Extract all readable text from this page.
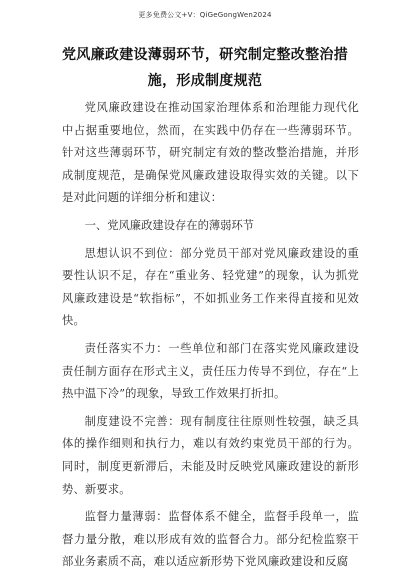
更多免费公文+V：QiGeGongWen2024
党风廉政建设薄弱环节，研究制定整改整治措施，形成制度规范

党风廉政建设在推动国家治理体系和治理能力现代化中占据重要地位，然而，在实践中仍存在一些薄弱环节。针对这些薄弱环节，研究制定有效的整改整治措施，并形成制度规范，是确保党风廉政建设取得实效的关键。以下是对此问题的详细分析和建议：

一、党风廉政建设存在的薄弱环节

思想认识不到位：部分党员干部对党风廉政建设的重要性认识不足，存在“重业务、轻党建”的现象，认为抓党风廉政建设是“软指标”，不如抓业务工作来得直接和见效快。

责任落实不力：一些单位和部门在落实党风廉政建设责任制方面存在形式主义，责任压力传导不到位，存在“上热中温下冷”的现象，导致工作效果打折扣。

制度建设不完善：现有制度往往原则性较强，缺乏具体的操作细则和执行力，难以有效约束党员干部的行为。同时，制度更新滞后，未能及时反映党风廉政建设的新形势、新要求。

监督力量薄弱：监督体系不健全，监督手段单一，监督力量分散，难以形成有效的监督合力。部分纪检监察干部业务素质不高，难以适应新形势下党风廉政建设和反腐
